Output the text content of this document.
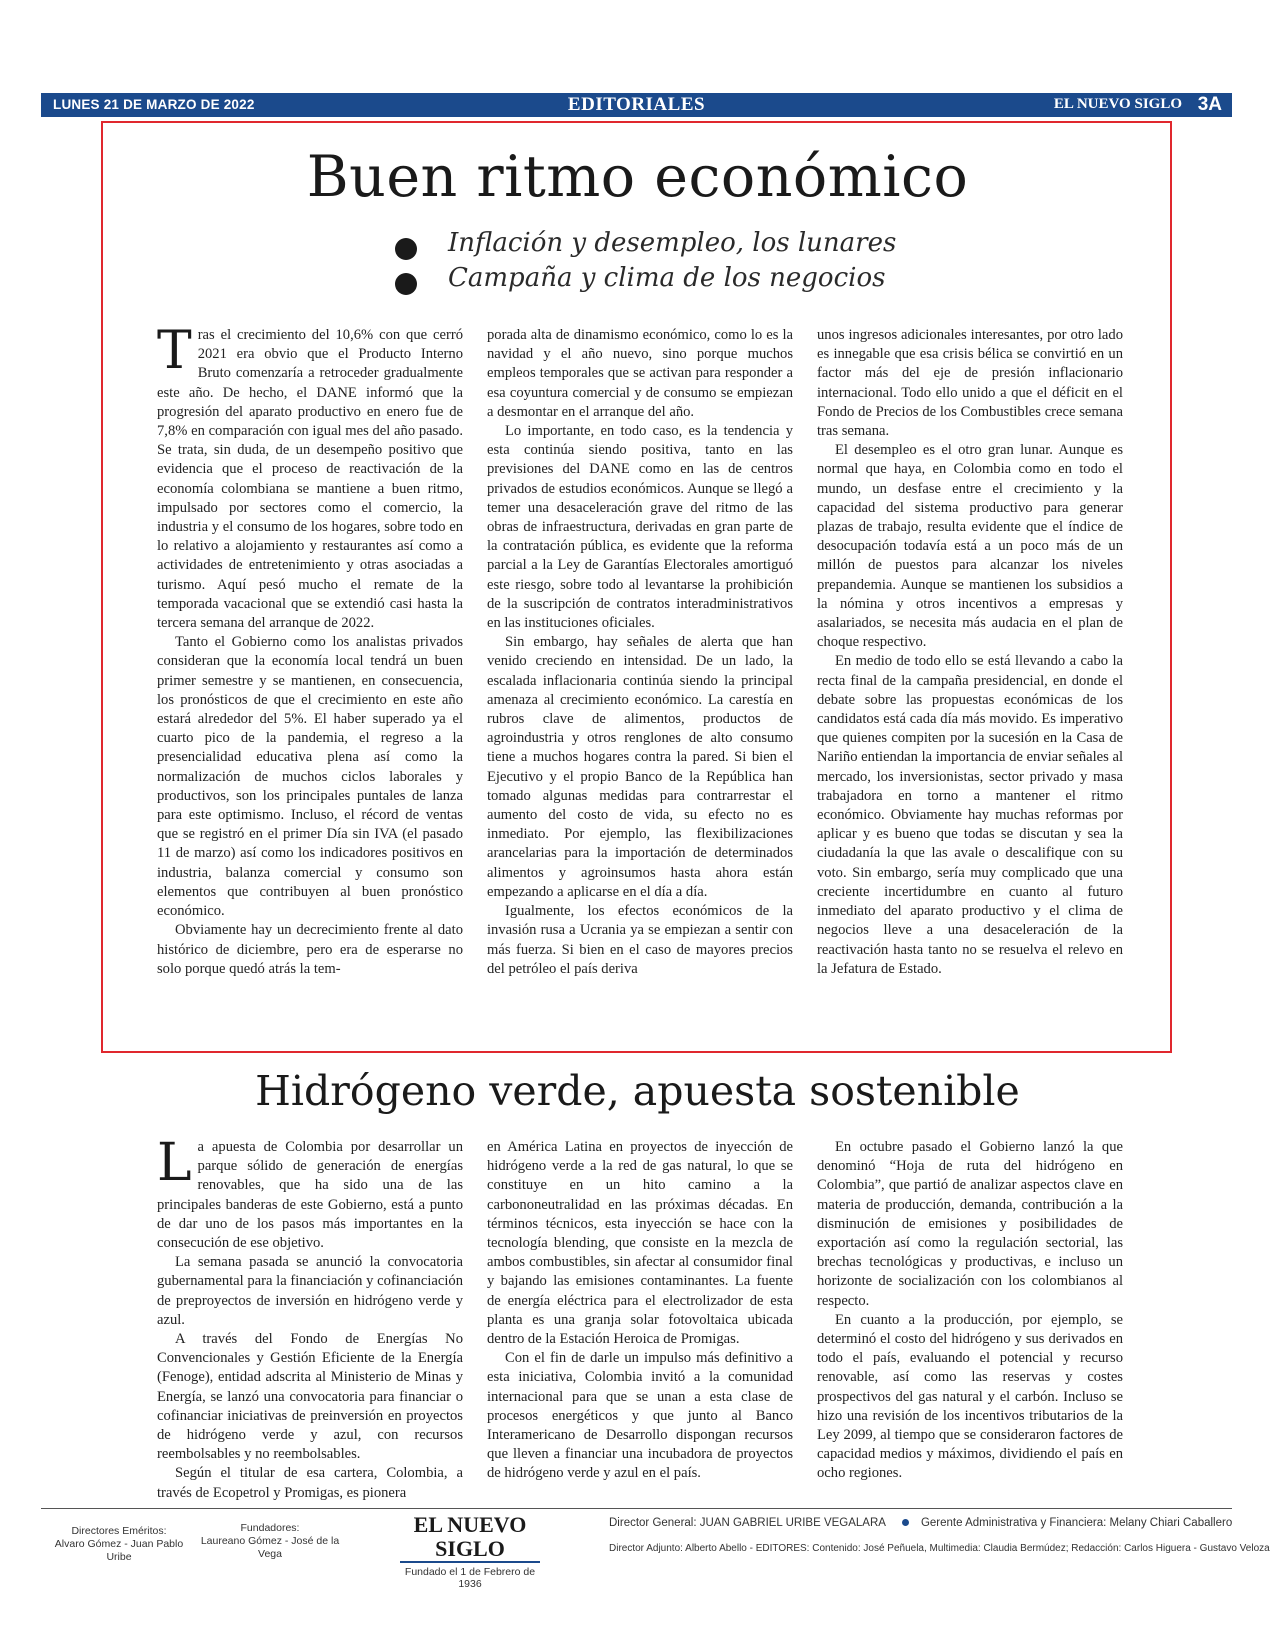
LUNES 21 DE MARZO DE 2022	EDITORIALES	EL NUEVO SIGLO 3A
Buen ritmo económico
Inflación y desempleo, los lunares
Campaña y clima de los negocios

Tras el crecimiento del 10,6% con que cerró 2021 era obvio que el Producto Interno Bruto comenzaría a retroceder gradualmente este año. De hecho, el DANE informó que la progresión del aparato productivo en enero fue de 7,8% en comparación con igual mes del año pasado. Se trata, sin duda, de un desempeño positivo que evidencia que el proceso de reactivación de la economía colombiana se mantiene a buen ritmo, impulsado por sectores como el comercio, la industria y el consumo de los hogares, sobre todo en lo relativo a alojamiento y restaurantes así como a actividades de entretenimiento y otras asociadas a turismo. Aquí pesó mucho el remate de la temporada vacacional que se extendió casi hasta la tercera semana del arranque de 2022.

Tanto el Gobierno como los analistas privados consideran que la economía local tendrá un buen primer semestre y se mantienen, en consecuencia, los pronósticos de que el crecimiento en este año estará alrededor del 5%. El haber superado ya el cuarto pico de la pandemia, el regreso a la presencialidad educativa plena así como la normalización de muchos ciclos laborales y productivos, son los principales puntales de lanza para este optimismo. Incluso, el récord de ventas que se registró en el primer Día sin IVA (el pasado 11 de marzo) así como los indicadores positivos en industria, balanza comercial y consumo son elementos que contribuyen al buen pronóstico económico.

Obviamente hay un decrecimiento frente al dato histórico de diciembre, pero era de esperarse no solo porque quedó atrás la tem-

porada alta de dinamismo económico, como lo es la navidad y el año nuevo, sino porque muchos empleos temporales que se activan para responder a esa coyuntura comercial y de consumo se empiezan a desmontar en el arranque del año.

Lo importante, en todo caso, es la tendencia y esta continúa siendo positiva, tanto en las previsiones del DANE como en las de centros privados de estudios económicos. Aunque se llegó a temer una desaceleración grave del ritmo de las obras de infraestructura, derivadas en gran parte de la contratación pública, es evidente que la reforma parcial a la Ley de Garantías Electorales amortiguó este riesgo, sobre todo al levantarse la prohibición de la suscripción de contratos interadministrativos en las instituciones oficiales.

Sin embargo, hay señales de alerta que han venido creciendo en intensidad. De un lado, la escalada inflacionaria continúa siendo la principal amenaza al crecimiento económico. La carestía en rubros clave de alimentos, productos de agroindustria y otros renglones de alto consumo tiene a muchos hogares contra la pared. Si bien el Ejecutivo y el propio Banco de la República han tomado algunas medidas para contrarrestar el aumento del costo de vida, su efecto no es inmediato. Por ejemplo, las flexibilizaciones arancelarias para la importación de determinados alimentos y agroinsumos hasta ahora están empezando a aplicarse en el día a día.

Igualmente, los efectos económicos de la invasión rusa a Ucrania ya se empiezan a sentir con más fuerza. Si bien en el caso de mayores precios del petróleo el país deriva

unos ingresos adicionales interesantes, por otro lado es innegable que esa crisis bélica se convirtió en un factor más del eje de presión inflacionario internacional. Todo ello unido a que el déficit en el Fondo de Precios de los Combustibles crece semana tras semana.

El desempleo es el otro gran lunar. Aunque es normal que haya, en Colombia como en todo el mundo, un desfase entre el crecimiento y la capacidad del sistema productivo para generar plazas de trabajo, resulta evidente que el índice de desocupación todavía está a un poco más de un millón de puestos para alcanzar los niveles prepandemia. Aunque se mantienen los subsidios a la nómina y otros incentivos a empresas y asalariados, se necesita más audacia en el plan de choque respectivo.

En medio de todo ello se está llevando a cabo la recta final de la campaña presidencial, en donde el debate sobre las propuestas económicas de los candidatos está cada día más movido. Es imperativo que quienes compiten por la sucesión en la Casa de Nariño entiendan la importancia de enviar señales al mercado, los inversionistas, sector privado y masa trabajadora en torno a mantener el ritmo económico. Obviamente hay muchas reformas por aplicar y es bueno que todas se discutan y sea la ciudadanía la que las avale o descalifique con su voto. Sin embargo, sería muy complicado que una creciente incertidumbre en cuanto al futuro inmediato del aparato productivo y el clima de negocios lleve a una desaceleración de la reactivación hasta tanto no se resuelva el relevo en la Jefatura de Estado.

Hidrógeno verde, apuesta sostenible

La apuesta de Colombia por desarrollar un parque sólido de generación de energías renovables, que ha sido una de las principales banderas de este Gobierno, está a punto de dar uno de los pasos más importantes en la consecución de ese objetivo.

La semana pasada se anunció la convocatoria gubernamental para la financiación y cofinanciación de preproyectos de inversión en hidrógeno verde y azul.

A través del Fondo de Energías No Convencionales y Gestión Eficiente de la Energía (Fenoge), entidad adscrita al Ministerio de Minas y Energía, se lanzó una convocatoria para financiar o cofinanciar iniciativas de preinversión en proyectos de hidrógeno verde y azul, con recursos reembolsables y no reembolsables.

Según el titular de esa cartera, Colombia, a través de Ecopetrol y Promigas, es pionera

en América Latina en proyectos de inyección de hidrógeno verde a la red de gas natural, lo que se constituye en un hito camino a la carbononeutralidad en las próximas décadas. En términos técnicos, esta inyección se hace con la tecnología blending, que consiste en la mezcla de ambos combustibles, sin afectar al consumidor final y bajando las emisiones contaminantes. La fuente de energía eléctrica para el electrolizador de esta planta es una granja solar fotovoltaica ubicada dentro de la Estación Heroica de Promigas.

Con el fin de darle un impulso más definitivo a esta iniciativa, Colombia invitó a la comunidad internacional para que se unan a esta clase de procesos energéticos y que junto al Banco Interamericano de Desarrollo dispongan recursos que lleven a financiar una incubadora de proyectos de hidrógeno verde y azul en el país.

En octubre pasado el Gobierno lanzó la que denominó “Hoja de ruta del hidrógeno en Colombia”, que partió de analizar aspectos clave en materia de producción, demanda, contribución a la disminución de emisiones y posibilidades de exportación así como la regulación sectorial, las brechas tecnológicas y productivas, e incluso un horizonte de socialización con los colombianos al respecto.

En cuanto a la producción, por ejemplo, se determinó el costo del hidrógeno y sus derivados en todo el país, evaluando el potencial y recurso renovable, así como las reservas y costes prospectivos del gas natural y el carbón. Incluso se hizo una revisión de los incentivos tributarios de la Ley 2099, al tiempo que se consideraron factores de capacidad medios y máximos, dividiendo el país en ocho regiones.

Directores Eméritos:
Alvaro Gómez - Juan Pablo Uribe
Fundadores:
Laureano Gómez - José de la Vega
EL NUEVO SIGLO
Fundado el 1 de Febrero de 1936
Director General: JUAN GABRIEL URIBE VEGALARA	Gerente Administrativa y Financiera: Melany Chiari Caballero
Director Adjunto: Alberto Abello - EDITORES: Contenido: José Peñuela, Multimedia: Claudia Bermúdez; Redacción: Carlos Higuera - Gustavo Veloza
